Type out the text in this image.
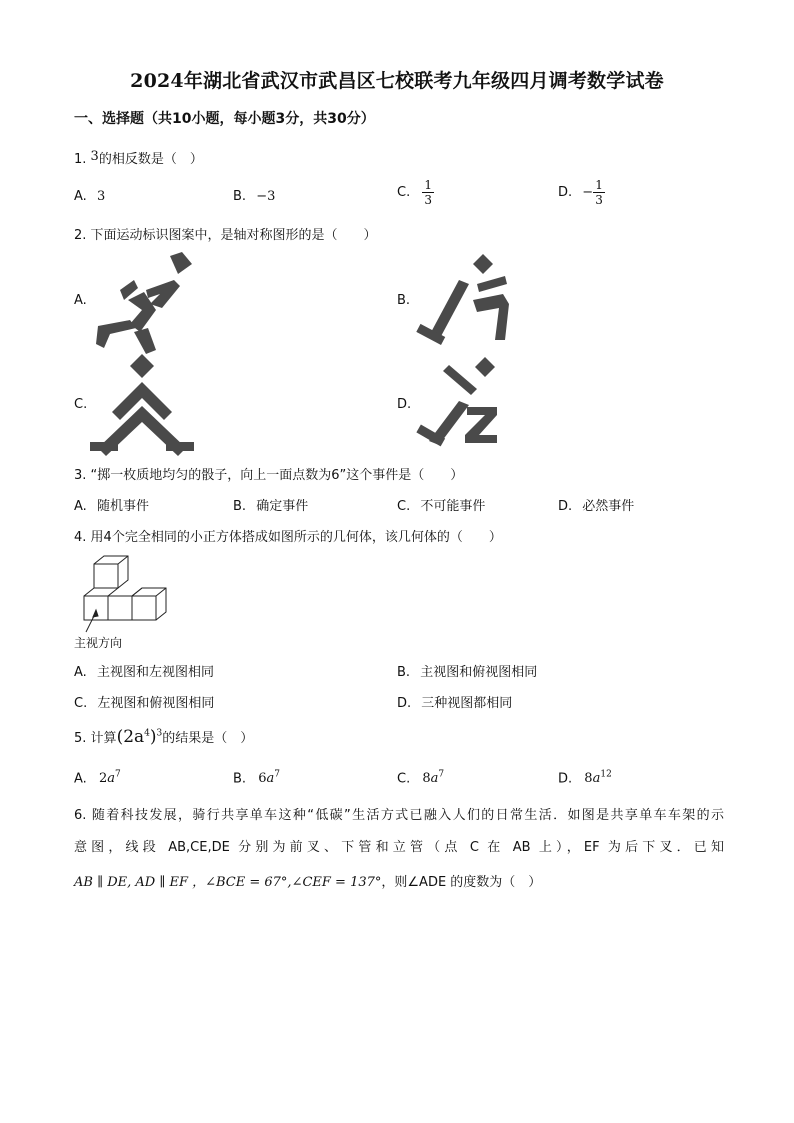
2024年湖北省武汉市武昌区七校联考九年级四月调考数学试卷
一、选择题（共10小题，每小题3分，共30分）
1. 3的相反数是（　）
A. 3	B. −3	C. $\frac{1}{3}$	D. − $\frac{1}{3}$
2. 下面运动标识图案中，是轴对称图形的是（　　）
A.	B.
C.	D.
3. “掷一枚质地均匀的骰子，向上一面点数为6”这个事件是（　　）
A. 随机事件	B. 确定事件	C. 不可能事件	D. 必然事件
4. 用4个完全相同的小正方体搭成如图所示的几何体，该几何体的（　　）
主视方向
A. 主视图和左视图相同	B. 主视图和俯视图相同
C. 左视图和俯视图相同	D. 三种视图都相同
5. 计算$(2a^4)^3$的结果是（　）
A. $2a^7$	B. $6a^7$	C. $8a^7$	D. $8a^{12}$
6. 随着科技发展，骑行共享单车这种“低碳”生活方式已融入人们的日常生活．如图是共享单车车架的示
意图，线段 AB,CE,DE 分别为前叉、下管和立管（点 C 在 AB 上），EF 为后下叉．已知
AB ∥ DE, AD ∥ EF ，∠BCE = 67°,∠CEF = 137°，则∠ADE 的度数为（　）
